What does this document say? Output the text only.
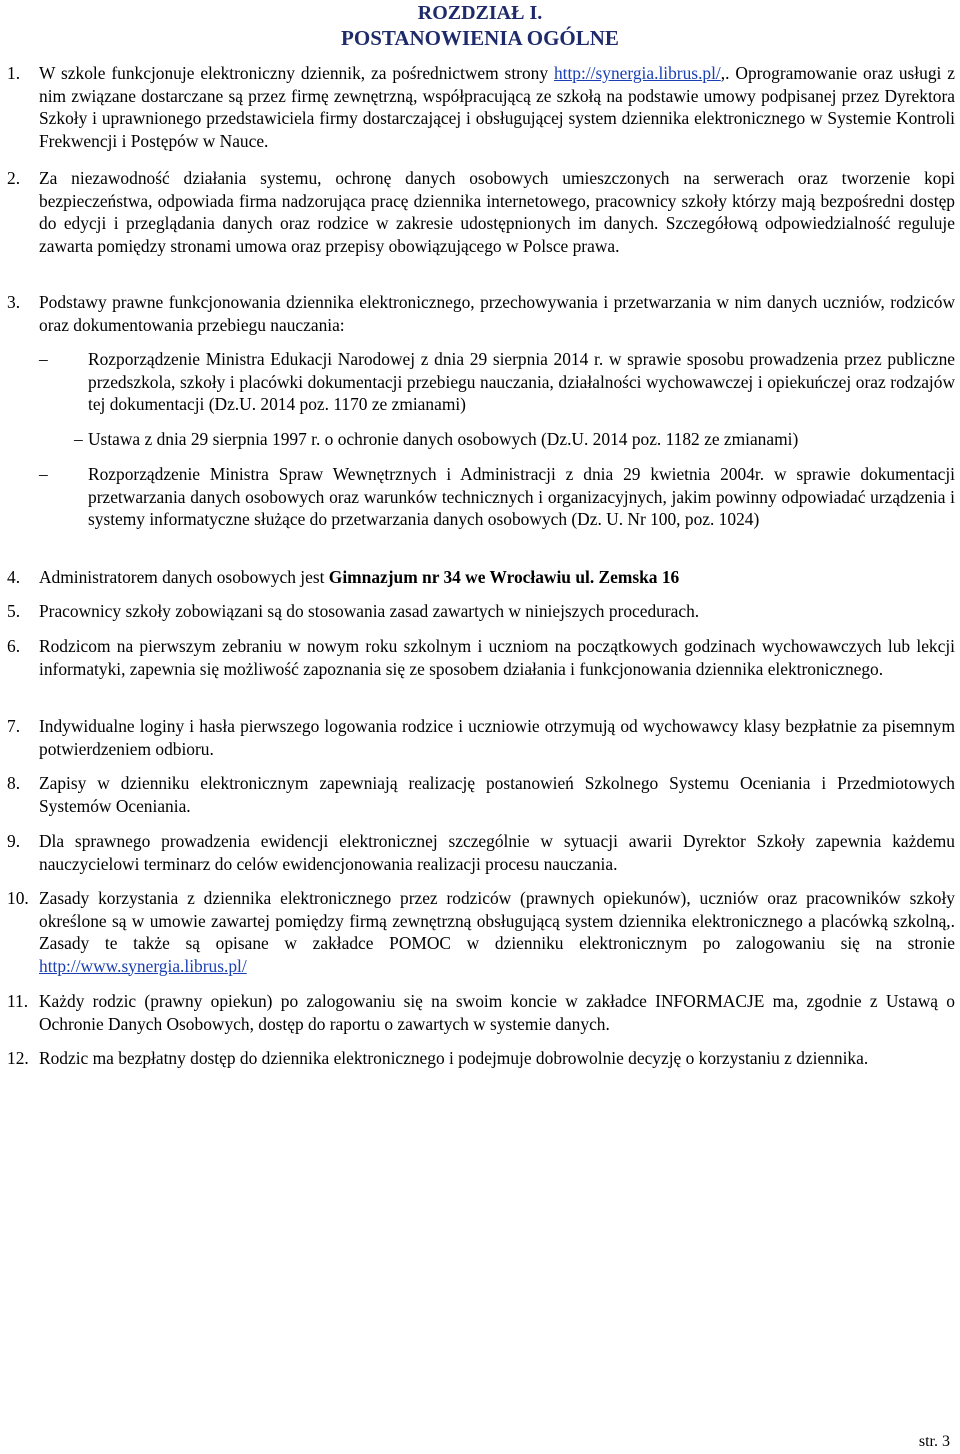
ROZDZIAŁ I.
POSTANOWIENIA OGÓLNE
1.	W szkole funkcjonuje elektroniczny dziennik, za pośrednictwem strony http://synergia.librus.pl/,. Oprogramowanie oraz usługi z nim związane dostarczane są przez firmę zewnętrzną, współpracującą ze szkołą na podstawie umowy podpisanej przez Dyrektora Szkoły i uprawnionego przedstawiciela firmy dostarczającej i obsługującej system dziennika elektronicznego w Systemie Kontroli Frekwencji i Postępów w Nauce.
2.	Za niezawodność działania systemu, ochronę danych osobowych umieszczonych na serwerach oraz tworzenie kopi bezpieczeństwa, odpowiada firma nadzorująca pracę dziennika internetowego, pracownicy szkoły którzy mają bezpośredni dostęp do edycji i przeglądania danych oraz rodzice w zakresie udostępnionych im danych. Szczegółową odpowiedzialność reguluje zawarta pomiędzy stronami umowa oraz przepisy obowiązującego w Polsce prawa.
3.	Podstawy prawne funkcjonowania dziennika elektronicznego, przechowywania i przetwarzania w nim danych uczniów, rodziców oraz dokumentowania przebiegu nauczania:
–	Rozporządzenie Ministra Edukacji Narodowej z dnia 29 sierpnia 2014 r. w sprawie sposobu prowadzenia przez publiczne przedszkola, szkoły i placówki dokumentacji przebiegu nauczania, działalności wychowawczej i opiekuńczej oraz rodzajów tej dokumentacji (Dz.U. 2014 poz. 1170 ze zmianami)
– Ustawa z dnia 29 sierpnia 1997 r. o ochronie danych osobowych (Dz.U. 2014 poz. 1182 ze zmianami)
–	Rozporządzenie Ministra Spraw Wewnętrznych i Administracji z dnia 29 kwietnia 2004r. w sprawie dokumentacji przetwarzania danych osobowych oraz warunków technicznych i organizacyjnych, jakim powinny odpowiadać urządzenia i systemy informatyczne służące do przetwarzania danych osobowych (Dz. U. Nr 100, poz. 1024)
4.	Administratorem danych osobowych jest Gimnazjum nr 34 we Wrocławiu ul. Zemska 16
5.	Pracownicy szkoły zobowiązani są do stosowania zasad zawartych w niniejszych procedurach.
6.	Rodzicom na pierwszym zebraniu w nowym roku szkolnym i uczniom na początkowych godzinach wychowawczych lub lekcji informatyki, zapewnia się możliwość zapoznania się ze sposobem działania i funkcjonowania dziennika elektronicznego.
7.	Indywidualne loginy i hasła pierwszego logowania rodzice i uczniowie otrzymują od wychowawcy klasy bezpłatnie za pisemnym potwierdzeniem odbioru.
8.	Zapisy w dzienniku elektronicznym zapewniają realizację postanowień Szkolnego Systemu Oceniania i Przedmiotowych Systemów Oceniania.
9.	Dla sprawnego prowadzenia ewidencji elektronicznej szczególnie w sytuacji awarii Dyrektor Szkoły zapewnia każdemu nauczycielowi terminarz do celów ewidencjonowania realizacji procesu nauczania.
10. Zasady korzystania z dziennika elektronicznego przez rodziców (prawnych opiekunów), uczniów oraz pracowników szkoły określone są w umowie zawartej pomiędzy firmą zewnętrzną obsługującą system dziennika elektronicznego a placówką szkolną,. Zasady te także są opisane w zakładce POMOC w dzienniku elektronicznym po zalogowaniu się na stronie http://www.synergia.librus.pl/
11. Każdy rodzic (prawny opiekun) po zalogowaniu się na swoim koncie w zakładce INFORMACJE ma, zgodnie z Ustawą o Ochronie Danych Osobowych, dostęp do raportu o zawartych w systemie danych.
12. Rodzic ma bezpłatny dostęp do dziennika elektronicznego i podejmuje dobrowolnie decyzję o korzystaniu z dziennika.
str. 3
